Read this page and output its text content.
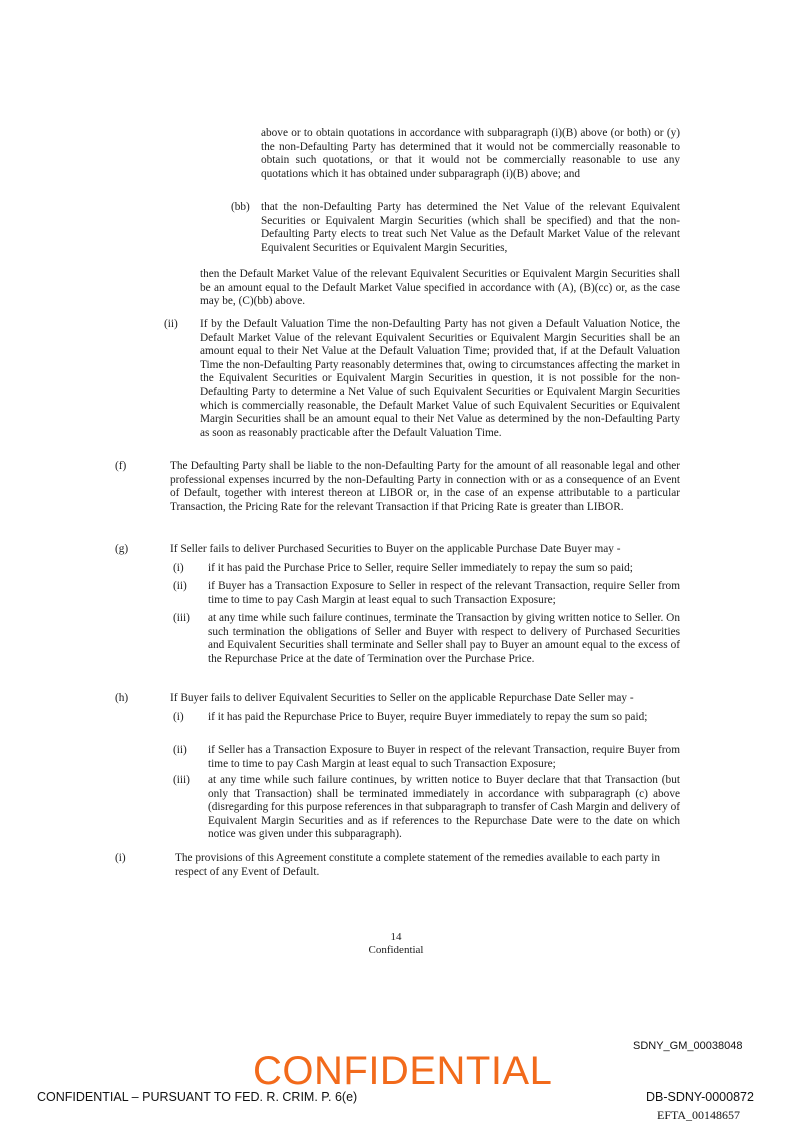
above or to obtain quotations in accordance with subparagraph (i)(B) above (or both) or (y) the non-Defaulting Party has determined that it would not be commercially reasonable to obtain such quotations, or that it would not be commercially reasonable to use any quotations which it has obtained under subparagraph (i)(B) above; and

(bb) that the non-Defaulting Party has determined the Net Value of the relevant Equivalent Securities or Equivalent Margin Securities (which shall be specified) and that the non-Defaulting Party elects to treat such Net Value as the Default Market Value of the relevant Equivalent Securities or Equivalent Margin Securities,

then the Default Market Value of the relevant Equivalent Securities or Equivalent Margin Securities shall be an amount equal to the Default Market Value specified in accordance with (A), (B)(cc) or, as the case may be, (C)(bb) above.

(ii) If by the Default Valuation Time the non-Defaulting Party has not given a Default Valuation Notice, the Default Market Value of the relevant Equivalent Securities or Equivalent Margin Securities shall be an amount equal to their Net Value at the Default Valuation Time; provided that, if at the Default Valuation Time the non-Defaulting Party reasonably determines that, owing to circumstances affecting the market in the Equivalent Securities or Equivalent Margin Securities in question, it is not possible for the non-Defaulting Party to determine a Net Value of such Equivalent Securities or Equivalent Margin Securities which is commercially reasonable, the Default Market Value of such Equivalent Securities or Equivalent Margin Securities shall be an amount equal to their Net Value as determined by the non-Defaulting Party as soon as reasonably practicable after the Default Valuation Time.

(f)	The Defaulting Party shall be liable to the non-Defaulting Party for the amount of all reasonable legal and other professional expenses incurred by the non-Defaulting Party in connection with or as a consequence of an Event of Default, together with interest thereon at LIBOR or, in the case of an expense attributable to a particular Transaction, the Pricing Rate for the relevant Transaction if that Pricing Rate is greater than LIBOR.

(g)	If Seller fails to deliver Purchased Securities to Buyer on the applicable Purchase Date Buyer may -

(i) if it has paid the Purchase Price to Seller, require Seller immediately to repay the sum so paid;

(ii) if Buyer has a Transaction Exposure to Seller in respect of the relevant Transaction, require Seller from time to time to pay Cash Margin at least equal to such Transaction Exposure;

(iii) at any time while such failure continues, terminate the Transaction by giving written notice to Seller. On such termination the obligations of Seller and Buyer with respect to delivery of Purchased Securities and Equivalent Securities shall terminate and Seller shall pay to Buyer an amount equal to the excess of the Repurchase Price at the date of Termination over the Purchase Price.

(h)	If Buyer fails to deliver Equivalent Securities to Seller on the applicable Repurchase Date Seller may -

(i) if it has paid the Repurchase Price to Buyer, require Buyer immediately to repay the sum so paid;

(ii) if Seller has a Transaction Exposure to Buyer in respect of the relevant Transaction, require Buyer from time to time to pay Cash Margin at least equal to such Transaction Exposure;

(iii) at any time while such failure continues, by written notice to Buyer declare that that Transaction (but only that Transaction) shall be terminated immediately in accordance with subparagraph (c) above (disregarding for this purpose references in that subparagraph to transfer of Cash Margin and delivery of Equivalent Margin Securities and as if references to the Repurchase Date were to the date on which notice was given under this subparagraph).

(i)	The provisions of this Agreement constitute a complete statement of the remedies available to each party in respect of any Event of Default.

14
Confidential
SDNY_GM_00038048
CONFIDENTIAL
CONFIDENTIAL – PURSUANT TO FED. R. CRIM. P. 6(e)	DB-SDNY-0000872
EFTA_00148657
